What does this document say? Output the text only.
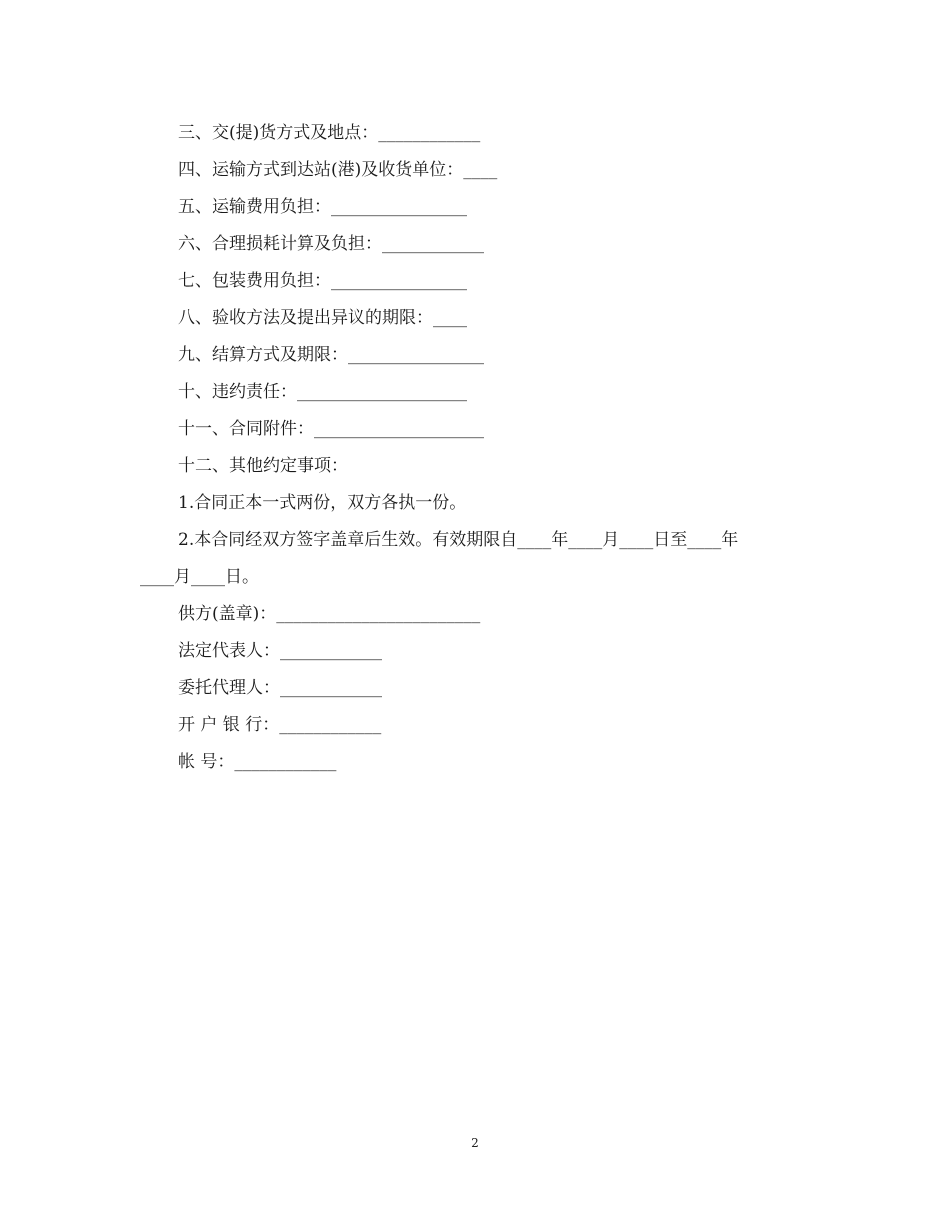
三、交(提)货方式及地点：____________

四、运输方式到达站(港)及收货单位：____

五、运输费用负担：________________

六、合理损耗计算及负担：____________

七、包装费用负担：________________

八、验收方法及提出异议的期限：____

九、结算方式及期限：________________

十、违约责任：____________________

十一、合同附件：____________________

十二、其他约定事项：

1.合同正本一式两份，双方各执一份。

2.本合同经双方签字盖章后生效。有效期限自____年____月____日至____年

____月____日。

供方(盖章)：________________________

法定代表人：____________

委托代理人：____________

开 户 银 行：____________

帐 号：____________

2
